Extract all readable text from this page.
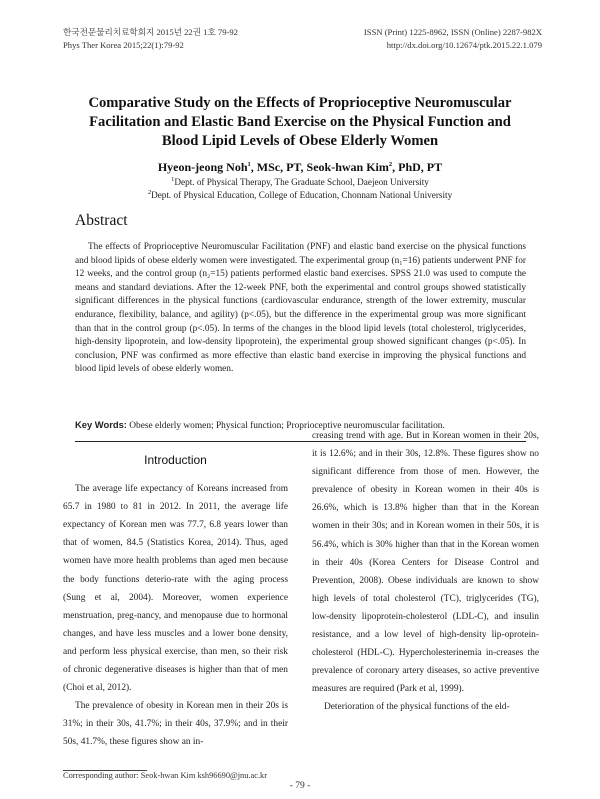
한국전문물리치료학회지 2015년 22권 1호 79-92
Phys Ther Korea 2015;22(1):79-92
ISSN (Print) 1225-8962, ISSN (Online) 2287-982X
http://dx.doi.org/10.12674/ptk.2015.22.1.079
Comparative Study on the Effects of Proprioceptive Neuromuscular Facilitation and Elastic Band Exercise on the Physical Function and Blood Lipid Levels of Obese Elderly Women
Hyeon-jeong Noh$^1$, MSc, PT, Seok-hwan Kim$^2$, PhD, PT
$^1$Dept. of Physical Therapy, The Graduate School, Daejeon University
$^2$Dept. of Physical Education, College of Education, Chonnam National University
Abstract

The effects of Proprioceptive Neuromuscular Facilitation (PNF) and elastic band exercise on the physical functions and blood lipids of obese elderly women were investigated. The experimental group (n₁=16) patients underwent PNF for 12 weeks, and the control group (n₂=15) patients performed elastic band exercises. SPSS 21.0 was used to compute the means and standard deviations. After the 12-week PNF, both the experimental and control groups showed statistically significant differences in the physical functions (cardiovascular endurance, strength of the lower extremity, muscular endurance, flexibility, balance, and agility) (p<.05), but the difference in the experimental group was more significant than that in the control group (p<.05). In terms of the changes in the blood lipid levels (total cholesterol, triglycerides, high-density lipoprotein, and low-density lipoprotein), the experimental group showed significant changes (p<.05). In conclusion, PNF was confirmed as more effective than elastic band exercise in improving the physical functions and blood lipid levels of obese elderly women.

Key Words: Obese elderly women; Physical function; Proprioceptive neuromuscular facilitation.
Introduction

The average life expectancy of Koreans increased from 65.7 in 1980 to 81 in 2012. In 2011, the average life expectancy of Korean men was 77.7, 6.8 years lower than that of women, 84.5 (Statistics Korea, 2014). Thus, aged women have more health problems than aged men because the body functions deterio-rate with the aging process (Sung et al, 2004). Moreover, women experience menstruation, preg-nancy, and menopause due to hormonal changes, and have less muscles and a lower bone density, and perform less physical exercise, than men, so their risk of chronic degenerative diseases is higher than that of men (Choi et al, 2012).

The prevalence of obesity in Korean men in their 20s is 31%; in their 30s, 41.7%; in their 40s, 37.9%; and in their 50s, 41.7%, these figures show an in-

creasing trend with age. But in Korean women in their 20s, it is 12.6%; and in their 30s, 12.8%. These figures show no significant difference from those of men. However, the prevalence of obesity in Korean women in their 40s is 26.6%, which is 13.8% higher than that in the Korean women in their 30s; and in Korean women in their 50s, it is 56.4%, which is 30% higher than that in the Korean women in their 40s (Korea Centers for Disease Control and Prevention, 2008). Obese individuals are known to show high levels of total cholesterol (TC), triglycerides (TG), low-density lipoprotein-cholesterol (LDL-C), and insulin resistance, and a low level of high-density lip-oprotein-cholesterol (HDL-C). Hypercholesterinemia in-creases the prevalence of coronary artery diseases, so active preventive measures are required (Park et al, 1999).

Deterioration of the physical functions of the eld-

Corresponding author: Seok-hwan Kim ksh96690@jnu.ac.kr
- 79 -
